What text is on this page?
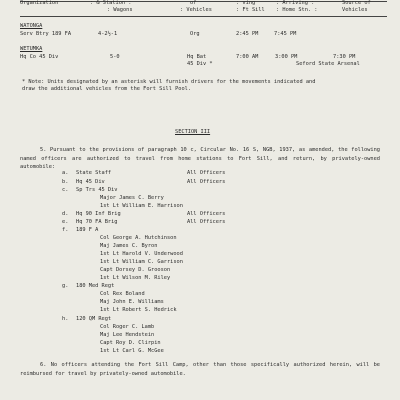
Organization	: & Station :	of	: ving	: Arriving :	Source of
: Wagons	: Vehicles	: Ft Sill : Home Stn. :	Vehicles
WATONGA
Serv Btry 189 FA	4-2½-1	Org	2:45 PM	7:45 PM
WETUMKA
Hq Co 45 Div	5-0	Hq Bat	7:00 AM	3:00 PM	7:30 PM
45 Div *	Seford State Arsenal
* Note: Units designated by an asterisk will furnish drivers for the movements indicated and draw the additional vehicles from the Fort Sill Pool.
SECTION III
5. Pursuant to the provisions of paragraph 10 c, Circular No. 16 S, NGB, 1937, as amended, the following named officers are authorized to travel from home stations to Fort Sill, and return, by privately-owned automobile:
a. State Staff	All Officers
b. Hq 45 Div	All Officers
c. Sp Trs 45 Div
Major James C. Berry
1st Lt William E. Harrison
d. Hq 90 Inf Brig	All Officers
e. Hq 70 FA Brig	All Officers
f. 189 F A
Col George A. Hutchinson
Maj James C. Byron
1st Lt Harold V. Underwood
1st Lt William C. Garrison
Capt Dorsey D. Grooson
1st Lt Wilson M. Riley
g. 180 Med Regt
Col Rex Boland
Maj John E. Williams
1st Lt Robert S. Hedrick
h. 120 QM Regt
Col Roger C. Lamb
Maj Lee Hendstein
Capt Roy D. Clirpin
1st Lt Carl G. McGee
6. No officers attending the Fort Sill Camp, other than those specifically authorized herein, will be reimbursed for travel by privately-owned automobile.
